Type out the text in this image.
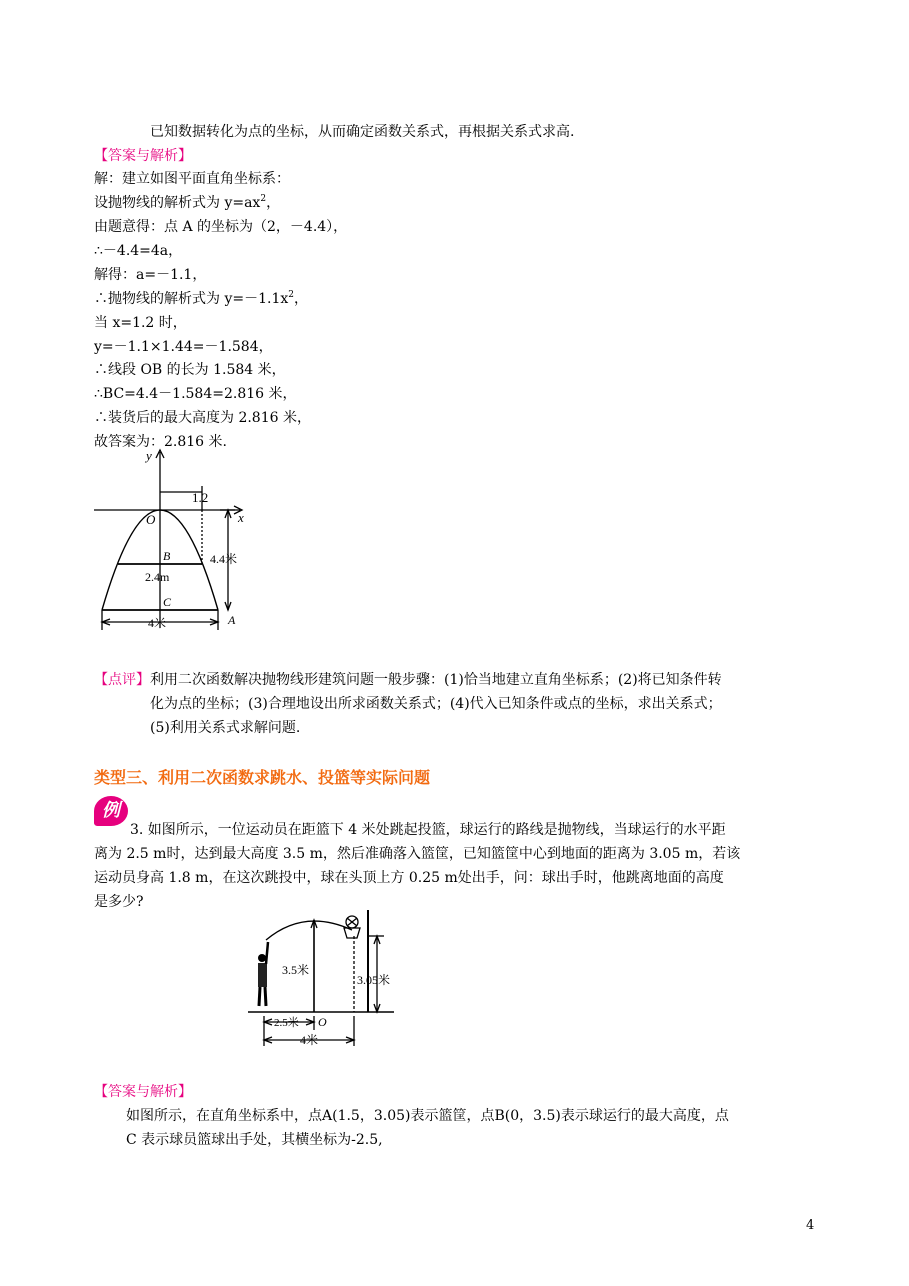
已知数据转化为点的坐标，从而确定函数关系式，再根据关系式求高.
【答案与解析】
解：建立如图平面直角坐标系：
设抛物线的解析式为 $y=ax^2$，
由题意得：点 A 的坐标为（2，－4.4），
∴－4.4=4a，
解得：a=－1.1，
∴抛物线的解析式为 $y=-1.1x^2$，
当 x=1.2 时，
y=－1.1×1.44=－1.584，
∴线段 OB 的长为 1.584 米，
∴BC=4.4－1.584=2.816 米，
∴装货后的最大高度为 2.816 米，
故答案为：2.816 米.
y
x
O
1.2
B
2.4m
C
4.4米
4米	A
【点评】利用二次函数解决抛物线形建筑问题一般步骤：(1)恰当地建立直角坐标系；(2)将已知条件转
化为点的坐标；(3)合理地设出所求函数关系式；(4)代入已知条件或点的坐标，求出关系式；
(5)利用关系式求解问题.
类型三、利用二次函数求跳水、投篮等实际问题
例
3. 如图所示，一位运动员在距篮下 4 米处跳起投篮，球运行的路线是抛物线，当球运行的水平距
离为 2.5 m时，达到最大高度 3.5 m，然后准确落入篮筐，已知篮筐中心到地面的距离为 3.05 m，若该
运动员身高 1.8 m，在这次跳投中，球在头顶上方 0.25 m处出手，问：球出手时，他跳离地面的高度
是多少?
3.5米
3.05米
2.5米 O
4米
【答案与解析】
如图所示，在直角坐标系中，点A(1.5，3.05)表示篮筐，点B(0，3.5)表示球运行的最大高度，点
C 表示球员篮球出手处，其横坐标为-2.5,
4
